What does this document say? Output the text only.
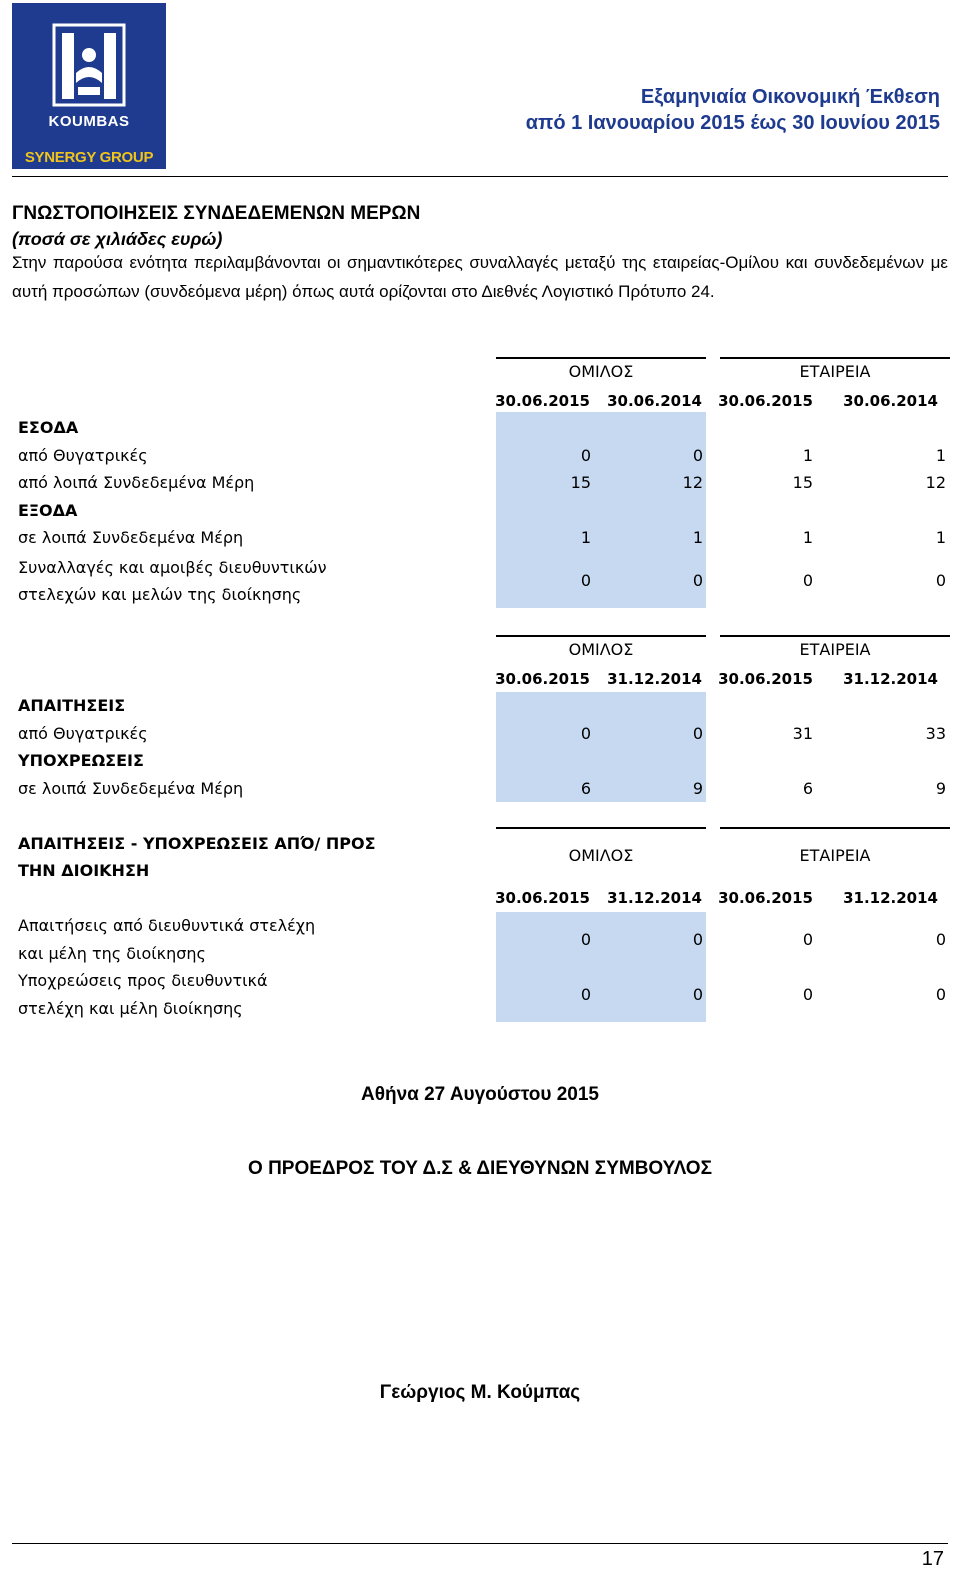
KOUMBAS
SYNERGY GROUP
Εξαμηνιαία Οικονομική Έκθεση
από 1 Ιανουαρίου 2015 έως 30 Ιουνίου 2015
ΓΝΩΣΤΟΠΟΙΗΣΕΙΣ ΣΥΝΔΕΔΕΜΕΝΩΝ ΜΕΡΩΝ
(ποσά σε χιλιάδες ευρώ)
Στην παρούσα ενότητα περιλαμβάνονται οι σημαντικότερες συναλλαγές μεταξύ της εταιρείας-Ομίλου και συνδεδεμένων με αυτή προσώπων (συνδεόμενα μέρη) όπως αυτά ορίζονται στο Διεθνές Λογιστικό Πρότυπο 24.
ΟΜΙΛΟΣ	ΕΤΑΙΡΕΙΑ
30.06.2015	30.06.2014	30.06.2015	30.06.2014
ΕΣΟΔΑ
από Θυγατρικές	0	0	1	1
από λοιπά Συνδεδεμένα Μέρη	15	12	15	12
ΕΞΟΔΑ
σε λοιπά Συνδεδεμένα Μέρη	1	1	1	1
Συναλλαγές και αμοιβές διευθυντικών
στελεχών και μελών της διοίκησης
0	0	0	0
ΟΜΙΛΟΣ	ΕΤΑΙΡΕΙΑ
30.06.2015	31.12.2014	30.06.2015	31.12.2014
ΑΠΑΙΤΗΣΕΙΣ
από Θυγατρικές	0	0	31	33
ΥΠΟΧΡΕΩΣΕΙΣ
σε λοιπά Συνδεδεμένα Μέρη	6	9	6	9
ΑΠΑΙΤΗΣΕΙΣ - ΥΠΟΧΡΕΩΣΕΙΣ ΑΠΌ/ ΠΡΟΣ
ΤΗΝ ΔΙΟΙΚΗΣΗ
ΟΜΙΛΟΣ	ΕΤΑΙΡΕΙΑ
30.06.2015	31.12.2014	30.06.2015	31.12.2014
Απαιτήσεις από διευθυντικά στελέχη
και μέλη της διοίκησης
0	0	0	0
Υποχρεώσεις προς διευθυντικά
στελέχη και μέλη διοίκησης
0	0	0	0
Αθήνα 27 Αυγούστου 2015
Ο ΠΡΟΕΔΡΟΣ ΤΟΥ Δ.Σ & ΔΙΕΥΘΥΝΩΝ ΣΥΜΒΟΥΛΟΣ
Γεώργιος Μ. Κούμπας
17
